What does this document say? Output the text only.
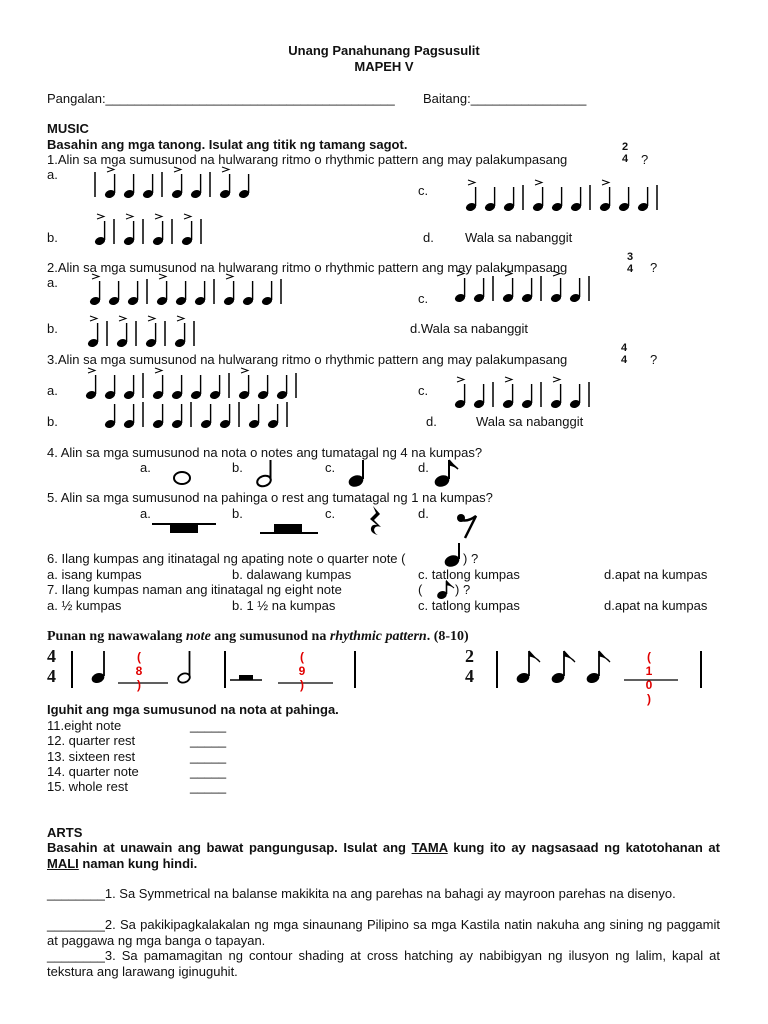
Unang Panahunang Pagsusulit
MAPEH V
Pangalan:________________________________________ Baitang:________________
MUSIC
Basahin ang mga tanong. Isulat ang titik ng tamang sagot.
1.Alin sa mga sumusunod na hulwarang ritmo o rhythmic pattern ang may palakumpasang
2
4 ?
a.
c.
b.	d. Wala sa nabanggit
2.Alin sa mga sumusunod na hulwarang ritmo o rhythmic pattern ang may palakumpasang
3
4 ?
a.
c.
b.	d.Wala sa nabanggit
3.Alin sa mga sumusunod na hulwarang ritmo o rhythmic pattern ang may palakumpasang
4
4 ?
a.	c.
b.	d.	Wala sa nabanggit
4. Alin sa mga sumusunod na nota o notes ang tumatagal ng 4 na kumpas?
a.	b.	c.	d.
5. Alin sa mga sumusunod na pahinga o rest ang tumatagal ng 1 na kumpas?
a.	b.	c.	d.
6. Ilang kumpas ang itinatagal ng apating note o quarter note (	) ?
a. isang kumpas	b. dalawang kumpas	c. tatlong kumpas	d.apat na kumpas
7. Ilang kumpas naman ang itinatagal ng eight note	(	) ?
a. ½ kumpas	b. 1 ½ na kumpas	c. tatlong kumpas	d.apat na kumpas
Punan ng nawawalang note ang sumusunod na rhythmic pattern. (8-10)
4
4
(
8
)
(
9
)
2
4
(
1
0
)
Iguhit ang mga sumusunod na nota at pahinga.
11.eight note	_____
12. quarter rest	_____
13. sixteen rest	_____
14. quarter note	_____
15. whole rest	_____
ARTS
Basahin at unawain ang bawat pangungusap. Isulat ang TAMA kung ito ay nagsasaad ng katotohanan at MALI naman kung hindi.
________1. Sa Symmetrical na balanse makikita na ang parehas na bahagi ay mayroon parehas na disenyo.
________2. Sa pakikipagkalakalan ng mga sinaunang Pilipino sa mga Kastila natin nakuha ang sining ng paggamit at paggawa ng mga banga o tapayan.
________3. Sa pamamagitan ng contour shading at cross hatching ay nabibigyan ng ilusyon ng lalim, kapal at tekstura ang larawang iginuguhit.
